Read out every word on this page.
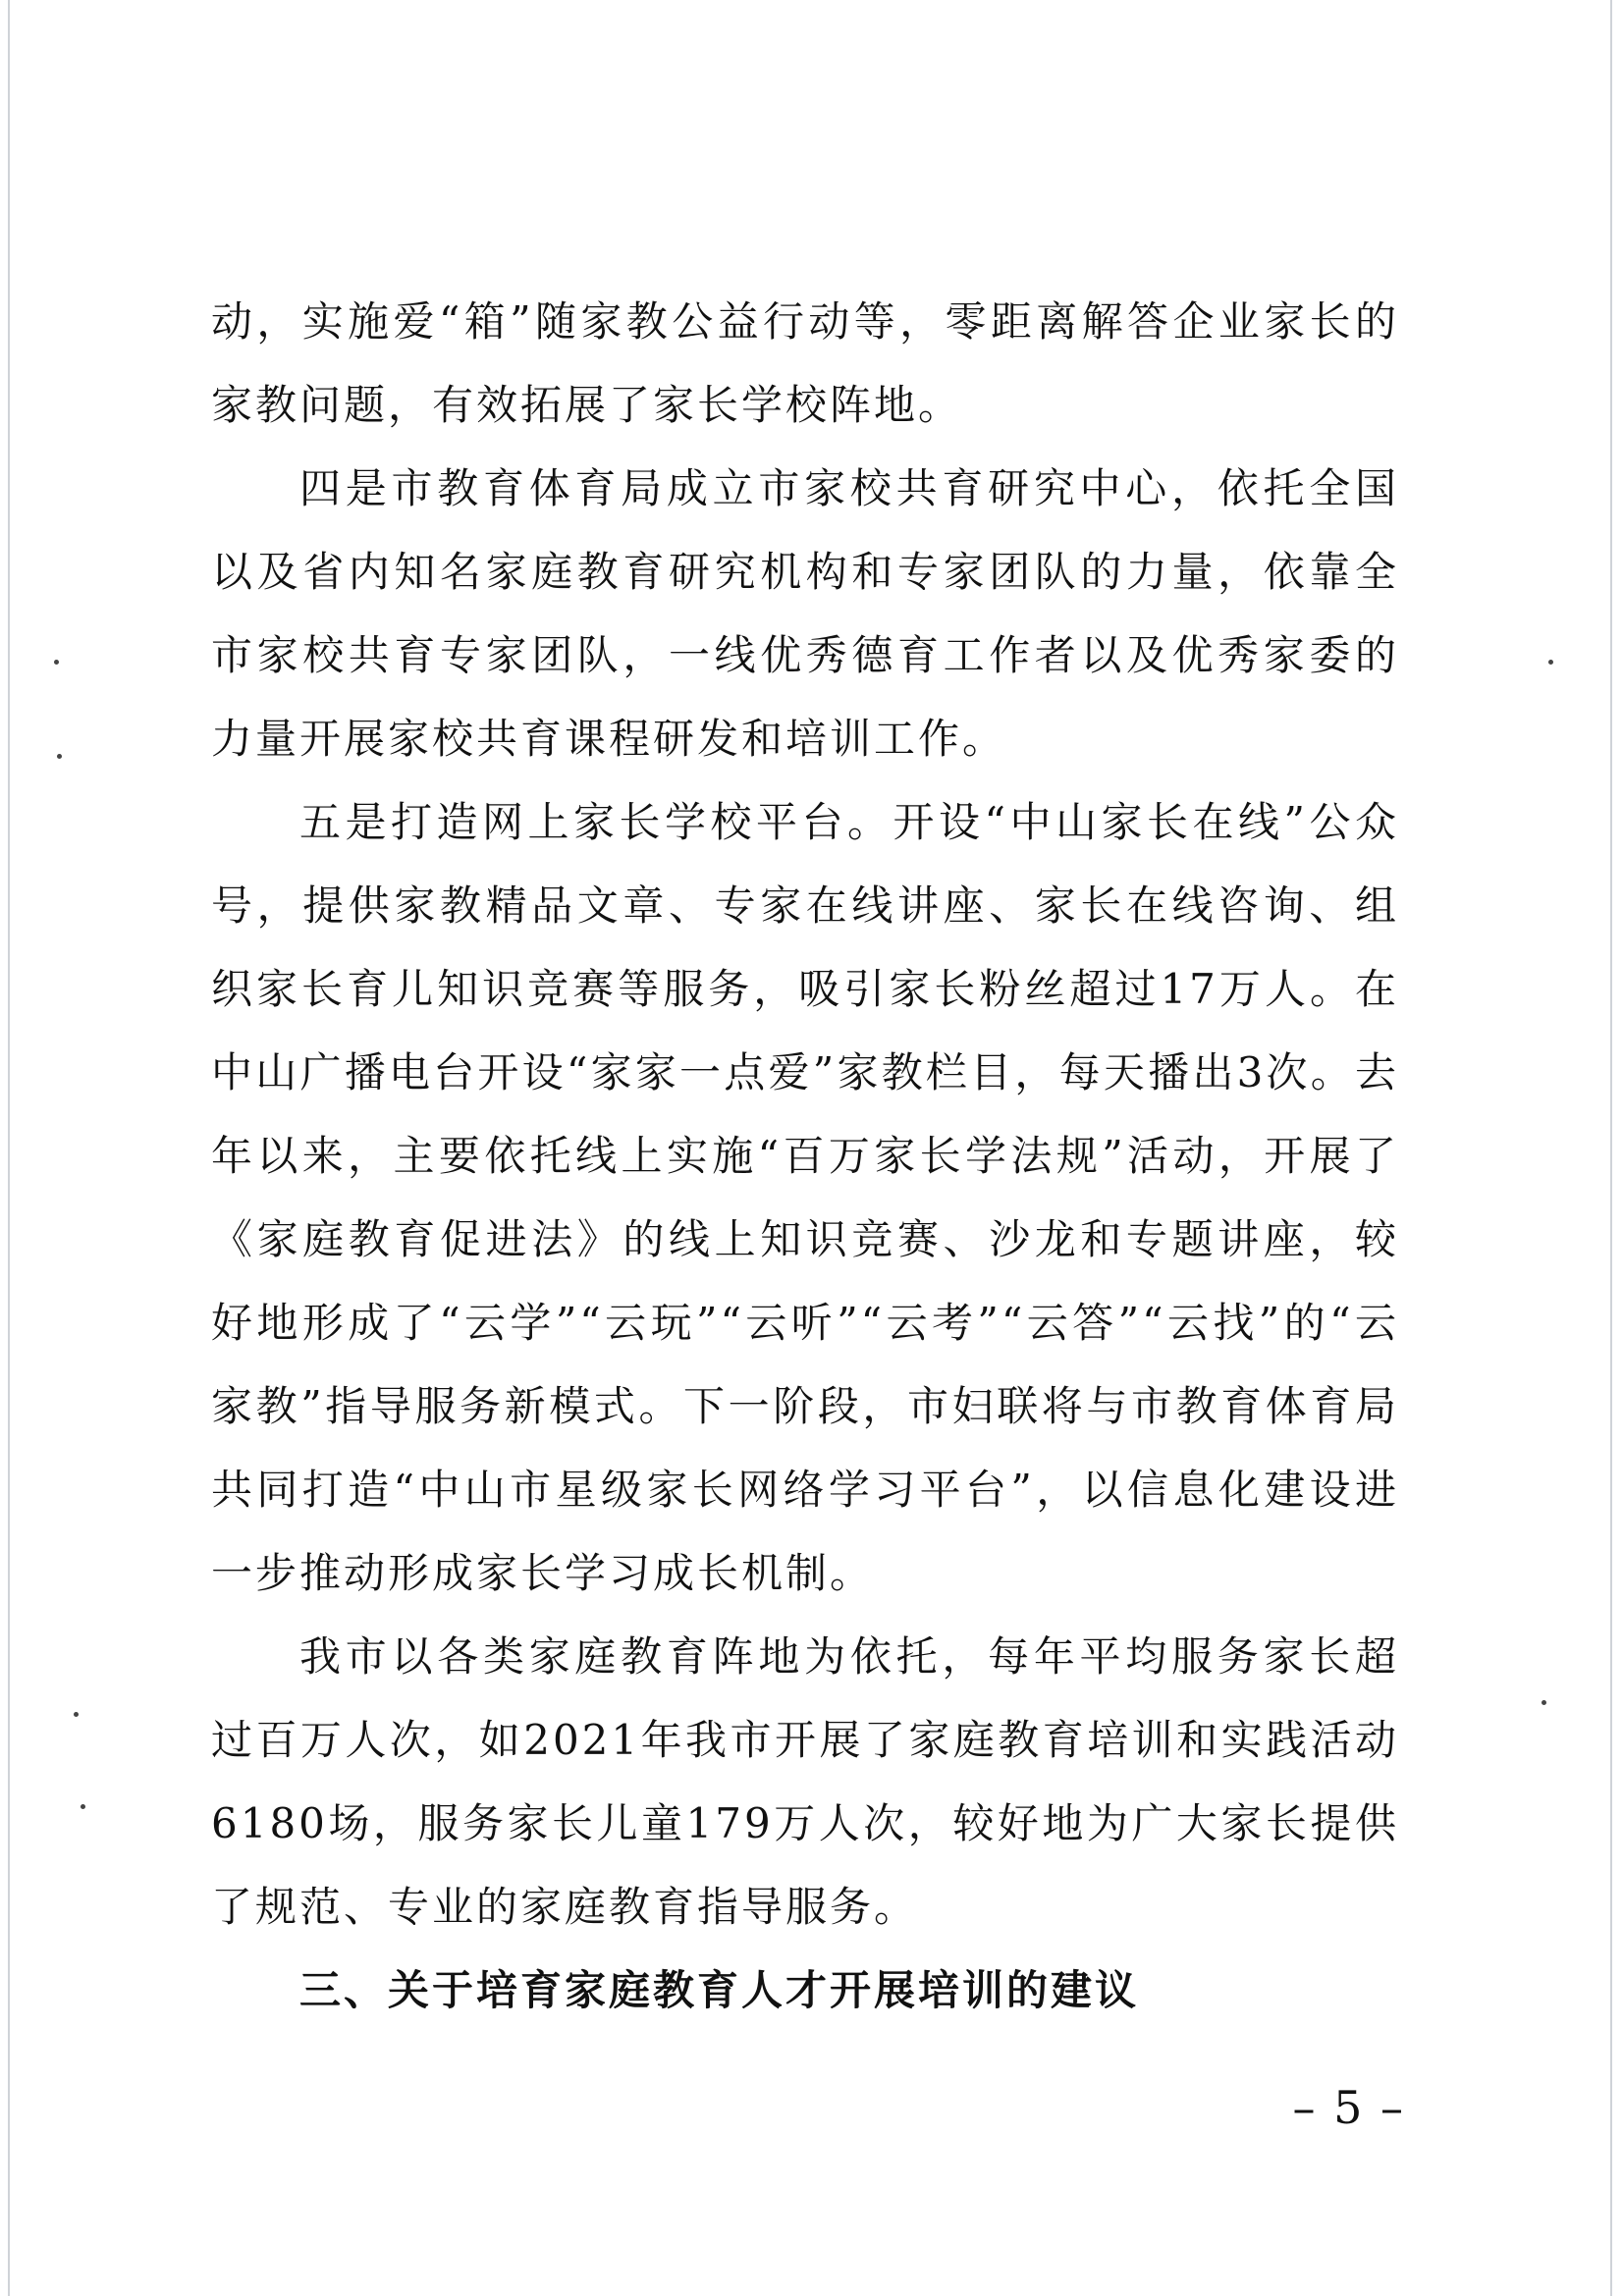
动，实施爱“箱”随家教公益行动等，零距离解答企业家长的家教问题，有效拓展了家长学校阵地。

四是市教育体育局成立市家校共育研究中心，依托全国以及省内知名家庭教育研究机构和专家团队的力量，依靠全市家校共育专家团队，一线优秀德育工作者以及优秀家委的力量开展家校共育课程研发和培训工作。

五是打造网上家长学校平台。开设“中山家长在线”公众号，提供家教精品文章、专家在线讲座、家长在线咨询、组织家长育儿知识竞赛等服务，吸引家长粉丝超过17万人。在中山广播电台开设“家家一点爱”家教栏目，每天播出3次。去年以来，主要依托线上实施“百万家长学法规”活动，开展了《家庭教育促进法》的线上知识竞赛、沙龙和专题讲座，较好地形成了“云学”“云玩”“云听”“云考”“云答”“云找”的“云家教”指导服务新模式。下一阶段，市妇联将与市教育体育局共同打造“中山市星级家长网络学习平台”，以信息化建设进一步推动形成家长学习成长机制。

我市以各类家庭教育阵地为依托，每年平均服务家长超过百万人次，如2021年我市开展了家庭教育培训和实践活动6180场，服务家长儿童179万人次，较好地为广大家长提供了规范、专业的家庭教育指导服务。

三、关于培育家庭教育人才开展培训的建议

– 5 –
